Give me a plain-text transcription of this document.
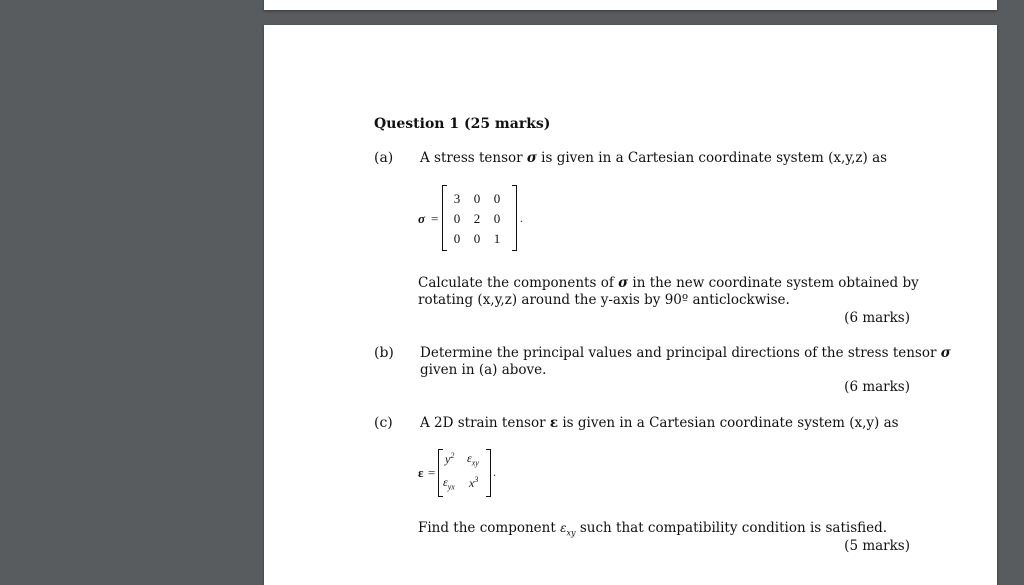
Question 1 (25 marks)
(a) A stress tensor σ is given in a Cartesian coordinate system (x,y,z) as
σ =
3 0 0
0 2 0
0 0 1
.
Calculate the components of σ in the new coordinate system obtained by
rotating (x,y,z) around the y-axis by 90º anticlockwise.
(6 marks)
(b) Determine the principal values and principal directions of the stress tensor σ
given in (a) above.
(6 marks)
(c) A 2D strain tensor ε is given in a Cartesian coordinate system (x,y) as
ε =
$y^2$ $\varepsilon_{xy}$
$\varepsilon_{yx}$ $x^3$
.
Find the component $\varepsilon_{xy}$ such that compatibility condition is satisfied.
(5 marks)
